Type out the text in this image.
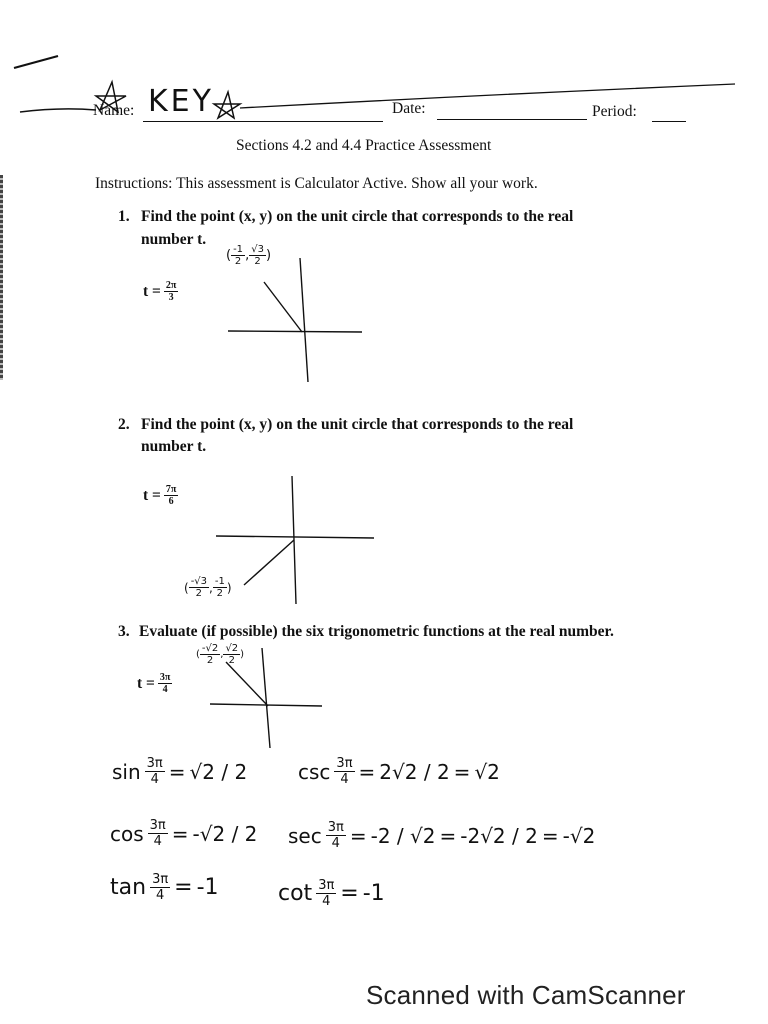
Name: KEY	Date:	Period:
Sections 4.2 and 4.4 Practice Assessment
Instructions: This assessment is Calculator Active. Show all your work.
1. Find the point (x, y) on the unit circle that corresponds to the real
number t.
$t = \frac{2\pi}{3}$
( $\frac{-1}{2}$ , $\frac{√3}{2}$ )
2. Find the point (x, y) on the unit circle that corresponds to the real
number t.
$t = \frac{7\pi}{6}$
( $\frac{-√3}{2}$ , $\frac{-1}{2}$ )
3. Evaluate (if possible) the six trigonometric functions at the real number.
$t = \frac{3\pi}{4}$
( $\frac{-√2}{2}$ , $\frac{√2}{2}$ )
$\sin \frac{3\pi}{4} = √2 / 2$	$\csc \frac{3\pi}{4} = 2√2 / 2 = √2$
$\cos \frac{3\pi}{4} = -√2 / 2$ $\sec \frac{3\pi}{4} = -2 / √2 = -2√2 / 2 = -√2$
$\tan \frac{3\pi}{4} = -1$	$\cot \frac{3\pi}{4} = -1$
Scanned with CamScanner
